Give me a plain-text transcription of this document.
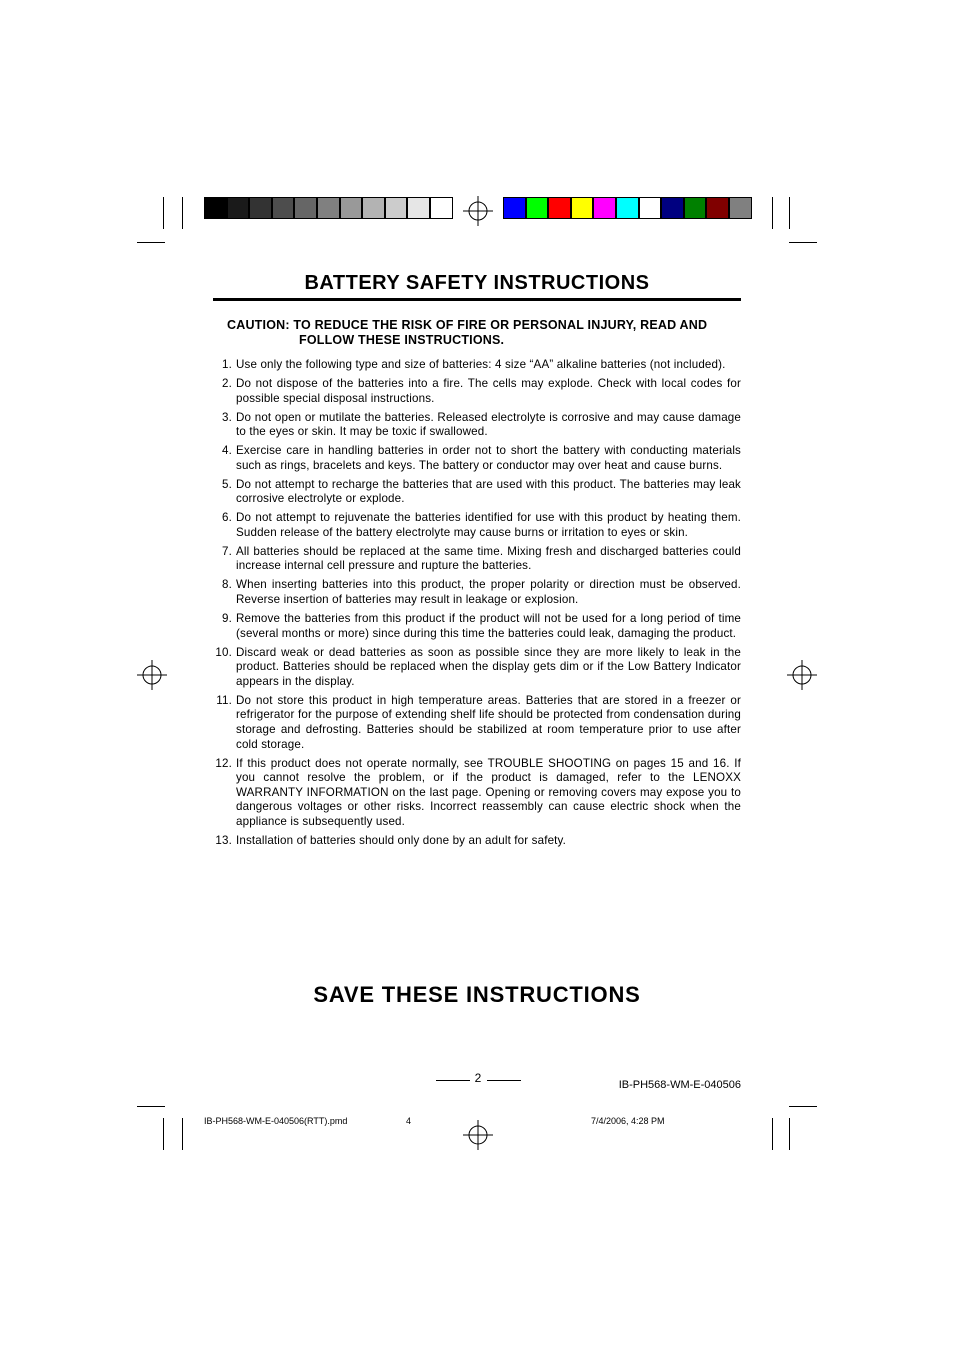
BATTERY SAFETY INSTRUCTIONS
CAUTION: TO REDUCE THE RISK OF FIRE OR PERSONAL INJURY, READ AND
FOLLOW THESE INSTRUCTIONS.
1. Use only the following type and size of batteries: 4 size “AA” alkaline batteries (not included).
2. Do not dispose of the batteries into a fire. The cells may explode. Check with local codes for possible special disposal instructions.
3. Do not open or mutilate the batteries. Released electrolyte is corrosive and may cause damage to the eyes or skin. It may be toxic if swallowed.
4. Exercise care in handling batteries in order not to short the battery with conducting materials such as rings, bracelets and keys. The battery or conductor may over heat and cause burns.
5. Do not attempt to recharge the batteries that are used with this product. The batteries may leak corrosive electrolyte or explode.
6. Do not attempt to rejuvenate the batteries identified for use with this product by heating them. Sudden release of the battery electrolyte may cause burns or irritation to eyes or skin.
7. All batteries should be replaced at the same time. Mixing fresh and discharged batteries could increase internal cell pressure and rupture the batteries.
8. When inserting batteries into this product, the proper polarity or direction must be observed. Reverse insertion of batteries may result in leakage or explosion.
9. Remove the batteries from this product if the product will not be used for a long period of time (several months or more) since during this time the batteries could leak, damaging the product.
10. Discard weak or dead batteries as soon as possible since they are more likely to leak in the product. Batteries should be replaced when the display gets dim or if the Low Battery Indicator appears in the display.
11. Do not store this product in high temperature areas. Batteries that are stored in a freezer or refrigerator for the purpose of extending shelf life should be protected from condensation during storage and defrosting. Batteries should be stabilized at room temperature prior to use after cold storage.
12. If this product does not operate normally, see TROUBLE SHOOTING on pages 15 and 16. If you cannot resolve the problem, or if the product is damaged, refer to the LENOXX WARRANTY INFORMATION on the last page. Opening or removing covers may expose you to dangerous voltages or other risks. Incorrect reassembly can cause electric shock when the appliance is subsequently used.
13. Installation of batteries should only done by an adult for safety.
SAVE THESE INSTRUCTIONS
2	IB-PH568-WM-E-040506
IB-PH568-WM-E-040506(RTT).pmd	4	7/4/2006, 4:28 PM
